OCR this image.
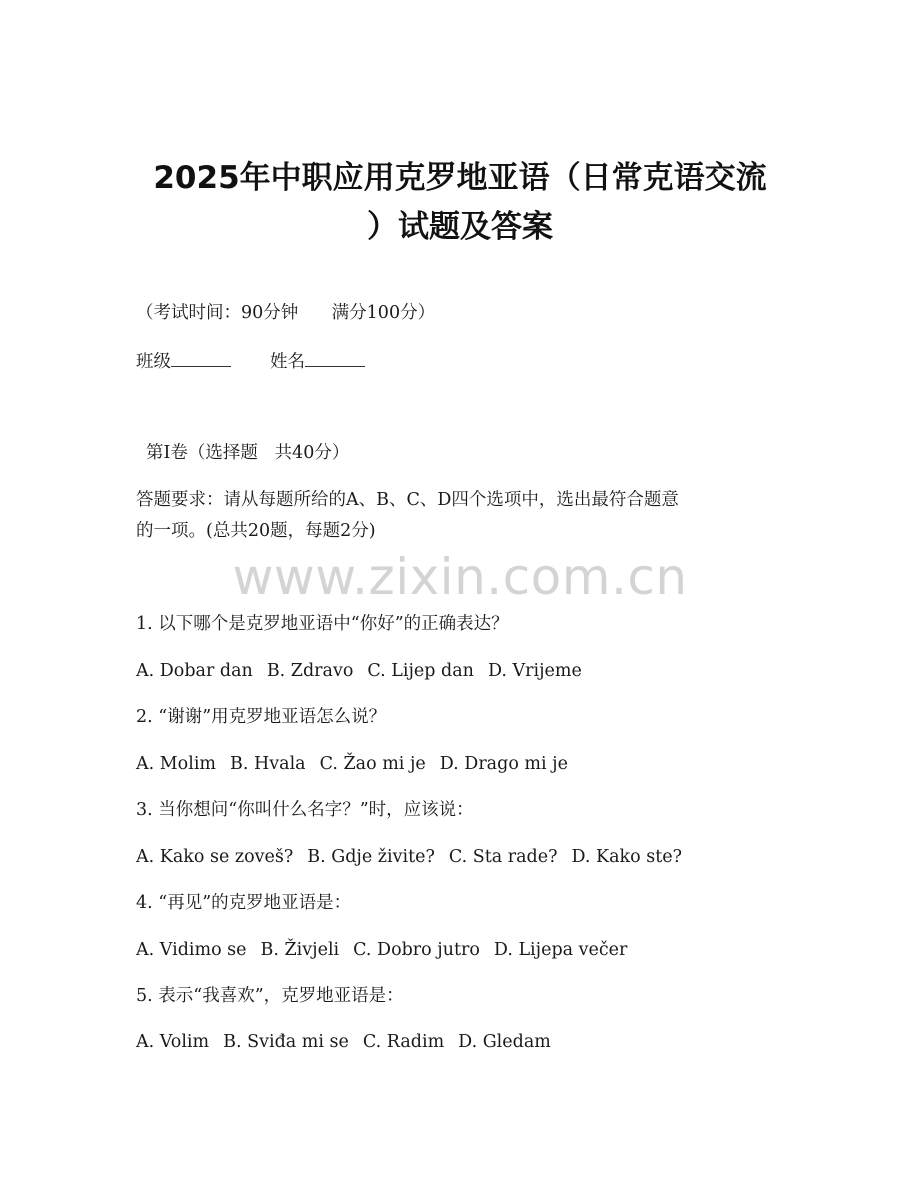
2025年中职应用克罗地亚语（日常克语交流
）试题及答案
（考试时间：90分钟 满分100分）
班级	姓名
第Ⅰ卷（选择题   共40分）
答题要求：请从每题所给的A、B、C、D四个选项中，选出最符合题意
的一项。(总共20题，每题2分)
www.zixin.com.cn
1. 以下哪个是克罗地亚语中“你好”的正确表达？
A. Dobar dan B. Zdravo C. Lijep dan D. Vrijeme
2. “谢谢”用克罗地亚语怎么说？
A. Molim B. Hvala C. Žao mi je D. Drago mi je
3. 当你想问“你叫什么名字？”时，应该说：
A. Kako se zoveš? B. Gdje živite? C. Sta rade? D. Kako ste?
4. “再见”的克罗地亚语是：
A. Vidimo se B. Živjeli C. Dobro jutro D. Lijepa večer
5. 表示“我喜欢”，克罗地亚语是：
A. Volim B. Sviđa mi se C. Radim D. Gledam
